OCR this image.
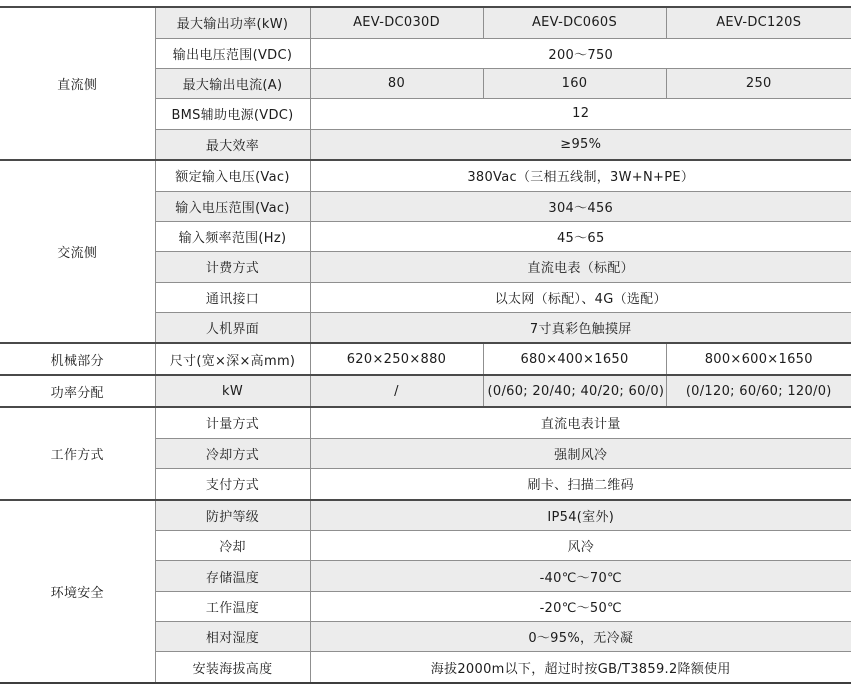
直流侧	最大输出功率(kW)	AEV-DC030D	AEV-DC060S	AEV-DC120S
	输出电压范围(VDC)	200～750		
	最大输出电流(A)	80	160	250
	BMS辅助电源(VDC)	12		
	最大效率	≥95%		
交流侧	额定输入电压(Vac)	380Vac（三相五线制，3W+N+PE）		
	输入电压范围(Vac)	304～456		
	输入频率范围(Hz)	45～65		
	计费方式	直流电表（标配）		
	通讯接口	以太网（标配）、4G（选配）		
	人机界面	7寸真彩色触摸屏		
机械部分	尺寸(宽×深×高mm)	620×250×880	680×400×1650	800×600×1650
功率分配	kW	/	(0/60; 20/40; 40/20; 60/0)	(0/120; 60/60; 120/0)
工作方式	计量方式	直流电表计量		
	冷却方式	强制风冷		
	支付方式	刷卡、扫描二维码		
环境安全	防护等级	IP54(室外)		
	冷却	风冷		
	存储温度	-40℃～70℃		
	工作温度	-20℃～50℃		
	相对湿度	0～95%，无冷凝		
	安装海拔高度	海拔2000m以下，超过时按GB/T3859.2降额使用		
